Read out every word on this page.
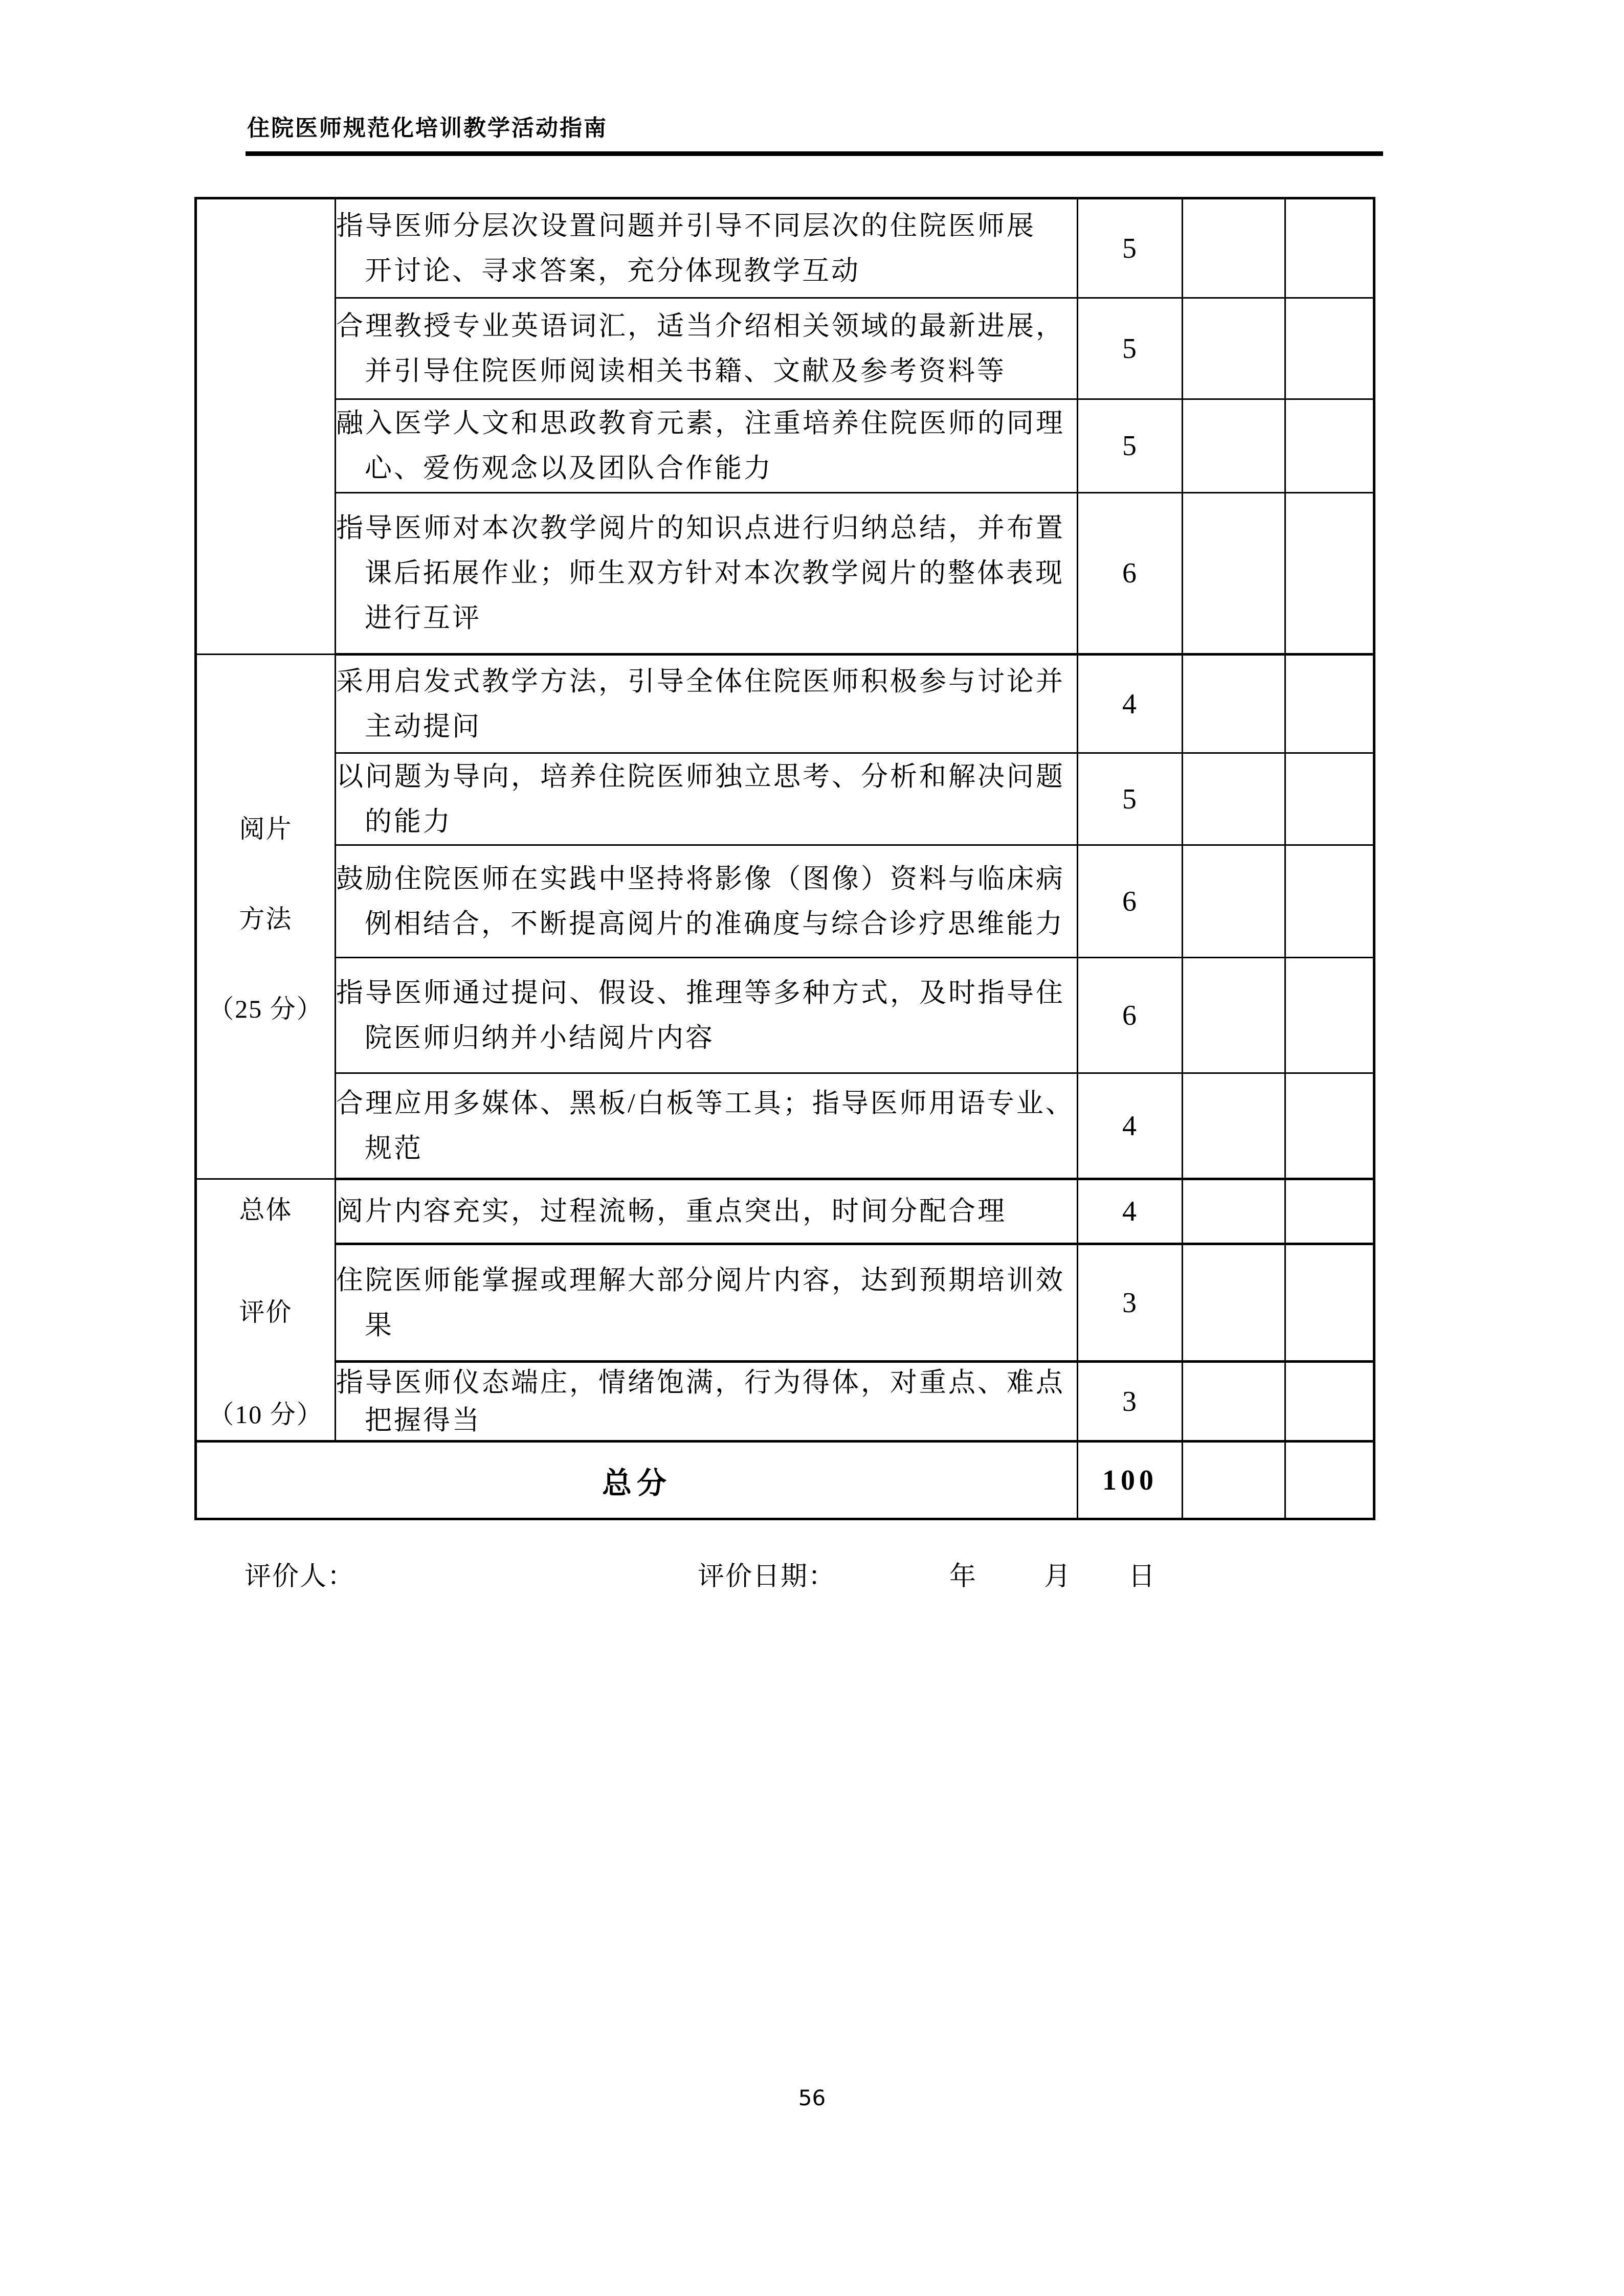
住院医师规范化培训教学活动指南

	指导医师分层次设置问题并引导不同层次的住院医师展
开讨论、寻求答案，充分体现教学互动	5		

	合理教授专业英语词汇，适当介绍相关领域的最新进展，
并引导住院医师阅读相关书籍、文献及参考资料等	5		

	融入医学人文和思政教育元素，注重培养住院医师的同理
心、爱伤观念以及团队合作能力	5		

	指导医师对本次教学阅片的知识点进行归纳总结，并布置
课后拓展作业；师生双方针对本次教学阅片的整体表现
进行互评	6		

阅片
方法
（25 分）

采用启发式教学方法，引导全体住院医师积极参与讨论并
主动提问
	4		

	以问题为导向，培养住院医师独立思考、分析和解决问题
的能力	5		

	鼓励住院医师在实践中坚持将影像（图像）资料与临床病
例相结合，不断提高阅片的准确度与综合诊疗思维能力	6		

	指导医师通过提问、假设、推理等多种方式，及时指导住
院医师归纳并小结阅片内容	6		

	合理应用多媒体、黑板/白板等工具；指导医师用语专业、
规范	4		

总体
评价
（10 分）	阅片内容充实，过程流畅，重点突出，时间分配合理	4		

	住院医师能掌握或理解大部分阅片内容，达到预期培训效
果	3		

	指导医师仪态端庄，情绪饱满，行为得体，对重点、难点
把握得当	3		
总分		100		
评价人：	评价日期：	年	月 日
56
